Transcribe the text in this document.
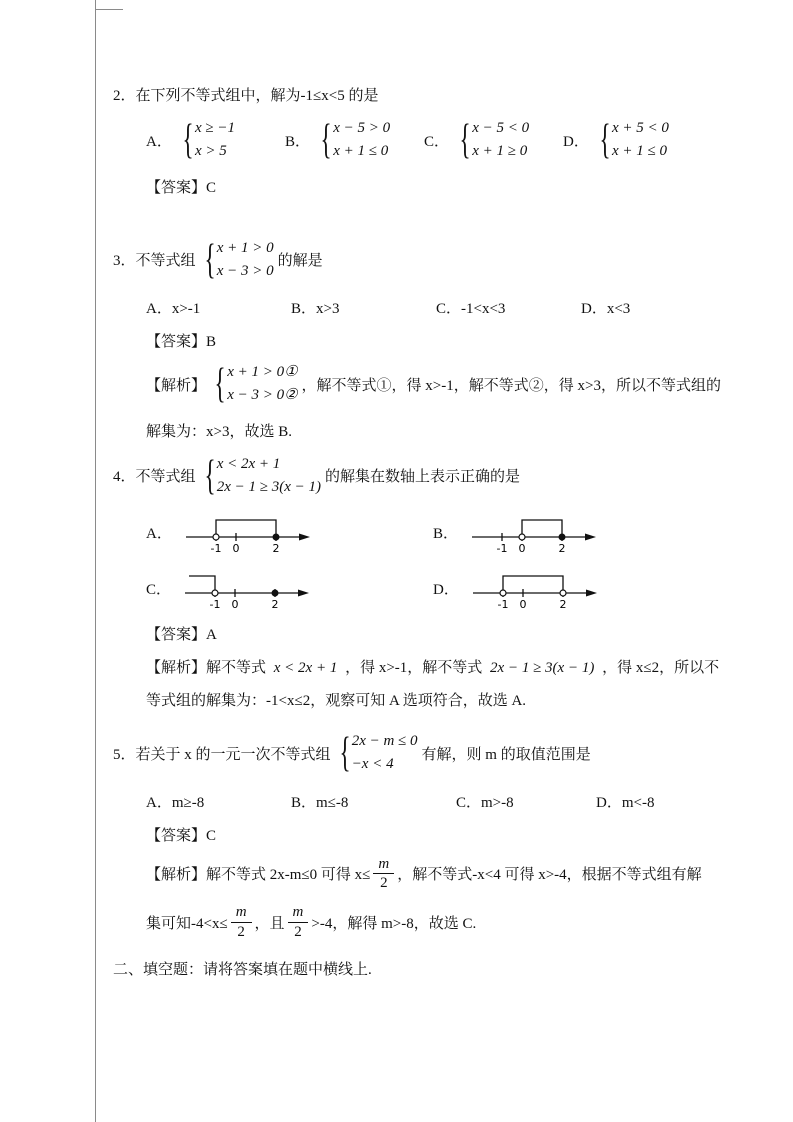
2．在下列不等式组中，解为-1≤x<5 的是
A． { x ≥ −1
x > 5
B． { x − 5 > 0
x + 1 ≤ 0
C． { x − 5 < 0
x + 1 ≥ 0
D． { x + 5 < 0
x + 1 ≤ 0
【答案】C
3．不等式组 { x + 1 > 0
x − 3 > 0
的解是
A．x>-1	B．x>3	C．-1<x<3	D．x<3
【答案】B
【解析】 { x + 1 > 0①
x − 3 > 0②
，解不等式①，得 x>-1，解不等式②，得 x>3，所以不等式组的
解集为：x>3，故选 B.
4．不等式组 { x < 2x + 1
2x − 1 ≥ 3(x − 1)
的解集在数轴上表示正确的是
A．
-1 0	2
B．
-1 0	2
C．
-1 0	2
D．
-1 0	2
【答案】A
【解析】解不等式 x < 2x + 1 ，得 x>-1，解不等式 2x − 1 ≥ 3(x − 1) ，得 x≤2，所以不
等式组的解集为：-1<x≤2，观察可知 A 选项符合，故选 A.
5．若关于 x 的一元一次不等式组 { 2x − m ≤ 0
−x < 4
有解，则 m 的取值范围是
A．m≥-8	B．m≤-8	C．m>-8	D．m<-8
【答案】C
【解析】解不等式 2x-m≤0 可得 $x\le \frac{m}{2}$ ，解不等式-x<4 可得 x>-4，根据不等式组有解
集可知$-4<x\le \frac{m}{2}$ ，且 $\frac{m}{2} >-4$，解得 m>-8，故选 C.
二、填空题：请将答案填在题中横线上.
